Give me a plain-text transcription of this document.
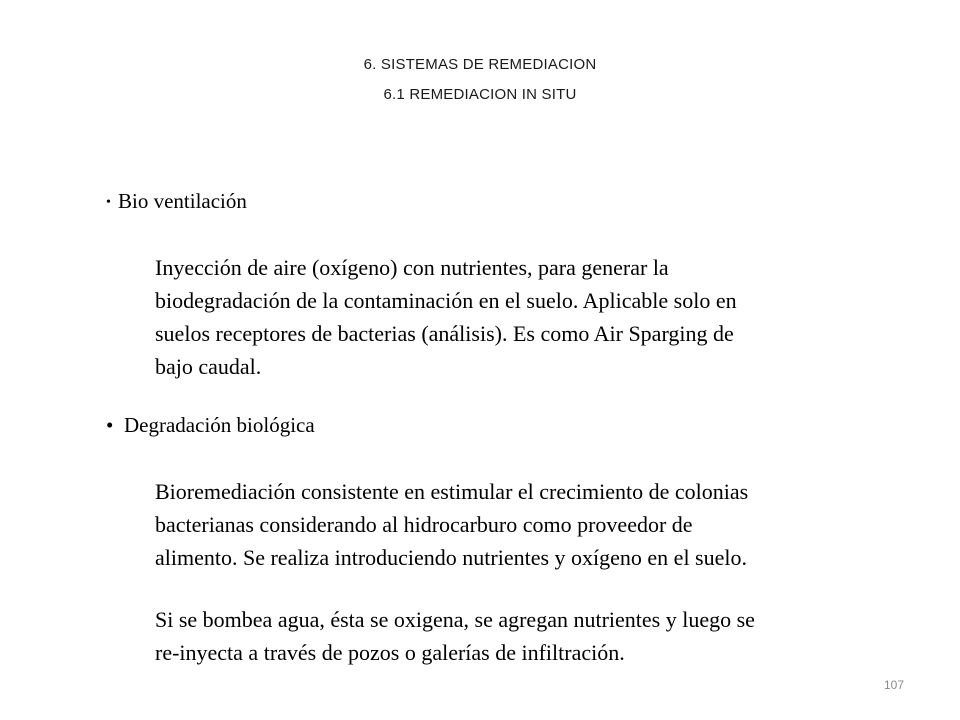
6. SISTEMAS DE REMEDIACION
6.1 REMEDIACION IN SITU
• Bio ventilación
Inyección de aire (oxígeno) con nutrientes, para generar la
biodegradación de la contaminación en el suelo. Aplicable solo en
suelos receptores de bacterias (análisis). Es como Air Sparging de
bajo caudal.
• Degradación biológica
Bioremediación consistente en estimular el crecimiento de colonias
bacterianas considerando al hidrocarburo como proveedor de
alimento. Se realiza introduciendo nutrientes y oxígeno en el suelo.
Si se bombea agua, ésta se oxigena, se agregan nutrientes y luego se
re-inyecta a través de pozos o galerías de infiltración.
107
